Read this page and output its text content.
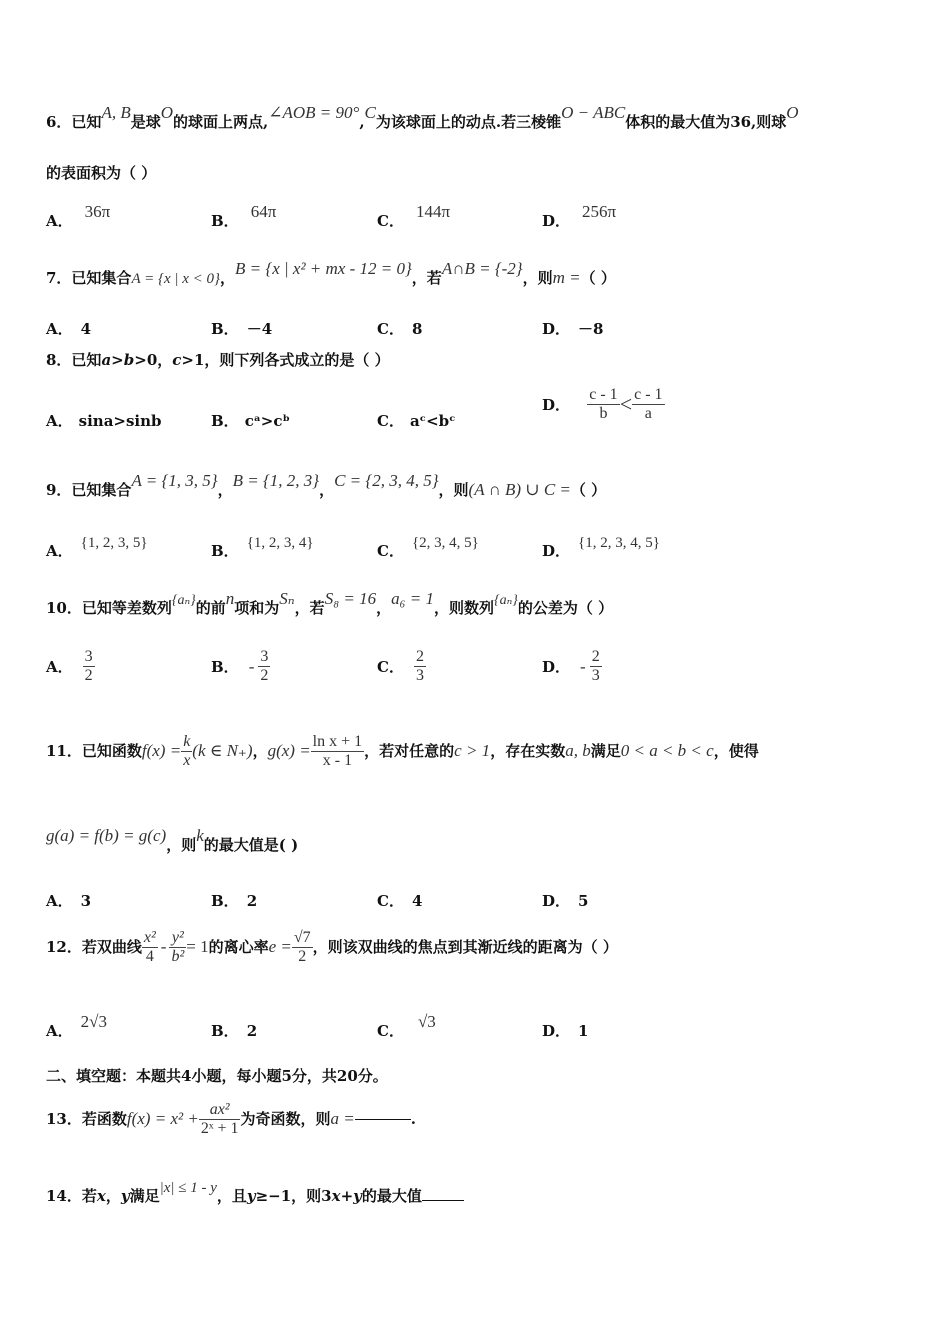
6．已知A, B是球O的球面上两点,∠AOB = 90°,C为该球面上的动点.若三棱锥O − ABC体积的最大值为36,则球O
的表面积为（ ）
A． 36π	B． 64π	C． 144π	D． 256π
7．已知集合A = {x | x < 0}，B = {x | x² + mx - 12 = 0}，若A∩B = {-2}，则m =（ ）
A． 4	B． －4	C． 8	D． －8
8．已知a>b>0，c>1，则下列各式成立的是（ ）
A． sina>sinb	B． cᵃ>cᵇ	C． aᶜ<bᶜ
D． $\frac{c - 1}{b} < \frac{c - 1}{a}$
9．已知集合A = {1, 3, 5}，B = {1, 2, 3}，C = {2, 3, 4, 5}，则(A ∩ B) ∪ C =（ ）
A． {1, 2, 3, 5}	B． {1, 2, 3, 4}	C． {2, 3, 4, 5}	D． {1, 2, 3, 4, 5}
10．已知等差数列{aₙ}的前n项和为Sₙ，若S₈ = 16，a₆ = 1，则数列{aₙ}的公差为（ ）
A． $\frac{3}{2}$	B． - $\frac{3}{2}$	C． $\frac{2}{3}$	D． - $\frac{2}{3}$
11．已知函数$f(x) = \frac{k}{x} (k$ ∈ N₊)，$g(x) = \frac{\text{ln x + 1}}{x - 1}$ ，若对任意的c > 1，存在实数a, b满足0 < a < b < c，使得
g(a) = f(b) = g(c)，则k的最大值是( )
A． 3	B． 2	C． 4	D． 5
12．若双曲线 $\frac{\text{x²}}{4} - \frac{\text{y²}}{\text{b²}} = 1$的离心率$e = \frac{√7}{2}$ ，则该双曲线的焦点到其渐近线的距离为（ ）
A． 2√3	B． 2	C． √3	D． 1
二、填空题：本题共4小题，每小题5分，共20分。
13．若函数$f(x) = x^2 + \frac{\text{ax²}}{\text{2ˣ + 1}}$ 为奇函数，则a =	.
14．若x，y满足|x| ≤ 1 - y，且y≥−1，则3x+y的最大值
